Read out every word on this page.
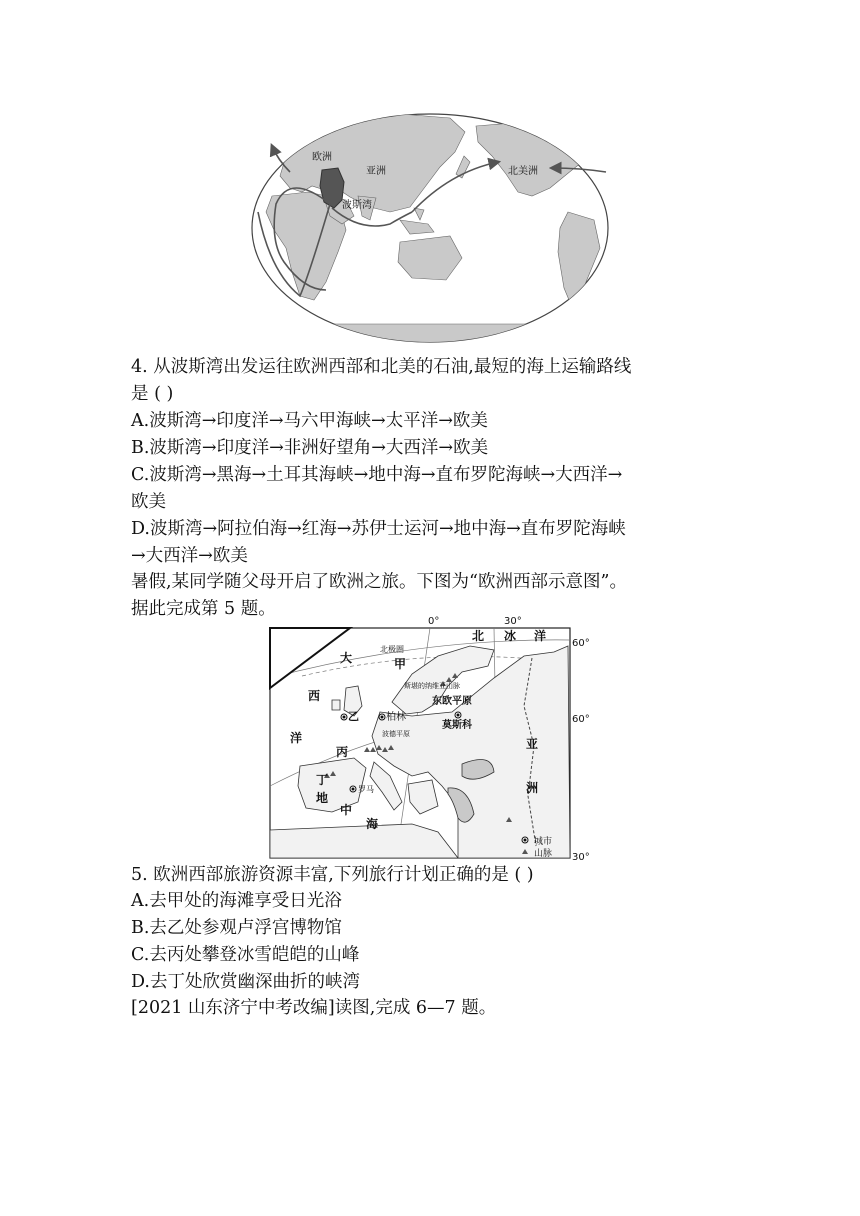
欧洲
亚洲
波斯湾
北美洲
4. 从波斯湾出发运往欧洲西部和北美的石油,最短的海上运输路线
是 ( )
A.波斯湾→印度洋→马六甲海峡→太平洋→欧美
B.波斯湾→印度洋→非洲好望角→大西洋→欧美
C.波斯湾→黑海→土耳其海峡→地中海→直布罗陀海峡→大西洋→
欧美
D.波斯湾→阿拉伯海→红海→苏伊士运河→地中海→直布罗陀海峡
→大西洋→欧美
暑假,某同学随父母开启了欧洲之旅。下图为“欧洲西部示意图”。
据此完成第 5 题。
0°	30°
60°
60°
30°
北极圈
北 冰 洋
大
西
洋
甲
乙
丙
丁
地
中
海
柏林
东欧平原
莫斯科
波德平原
斯堪的纳维亚山脉
罗马
亚
洲
城市
山脉
5. 欧洲西部旅游资源丰富,下列旅行计划正确的是 ( )
A.去甲处的海滩享受日光浴
B.去乙处参观卢浮宫博物馆
C.去丙处攀登冰雪皑皑的山峰
D.去丁处欣赏幽深曲折的峡湾
[2021 山东济宁中考改编]读图,完成 6—7 题。
